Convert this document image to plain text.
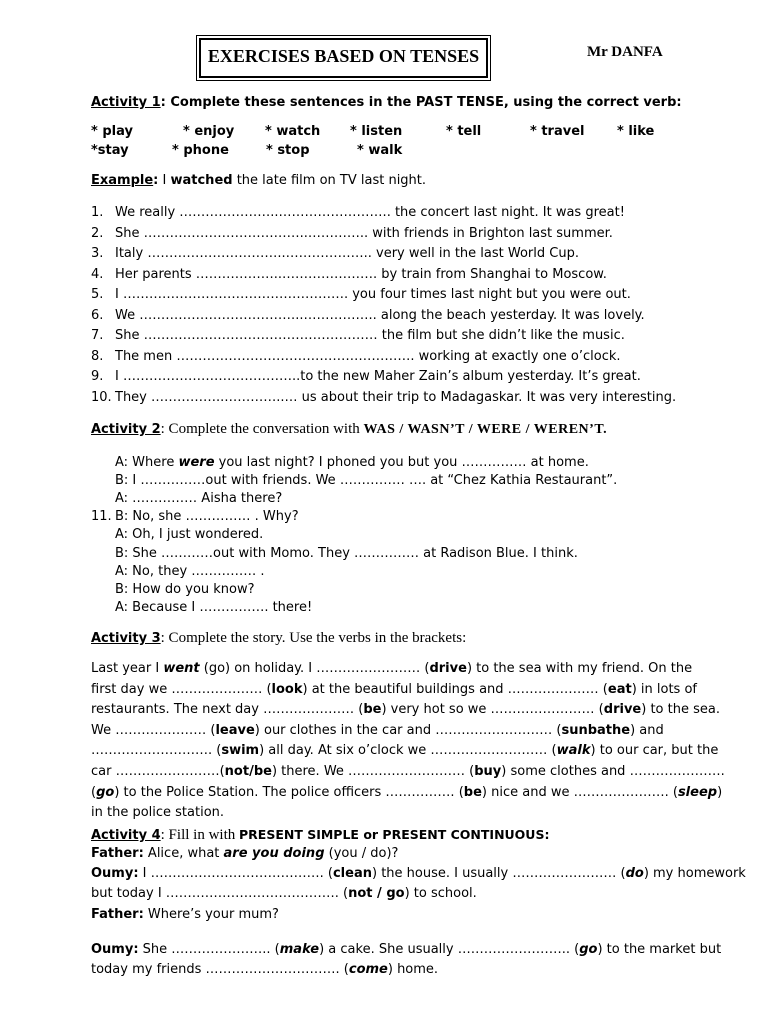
EXERCISES BASED ON TENSES	Mr DANFA
Activity 1: Complete these sentences in the PAST TENSE, using the correct verb:
* play	* enjoy * watch * listen	* tell	* travel	* like
*stay	* phone	* stop	* walk
Example: I watched the late film on TV last night.
1. We really …………………..…………………….. the concert last night. It was great!
2. She ………………………………..………….. with friends in Brighton last summer.
3. Italy …………………………..……………….. very well in the last World Cup.
4. Her parents ………………..…………………. by train from Shanghai to Moscow.
5. I ……………………………………………. you four times last night but you were out.
6. We ………………………………..…………….. along the beach yesterday. It was lovely.
7. She ……………………………………………… the film but she didn’t like the music.
8. The men ………………………………………………. working at exactly one o’clock.
9. I …………………………………..to the new Maher Zain’s album yesterday. It’s great.
10. They ……………..…………..… us about their trip to Madagaskar. It was very interesting.
Activity 2: Complete the conversation with WAS / WASN’T / WERE / WEREN’T.
A: Where were you last night? I phoned you but you …………… at home.
B: I ……………out with friends. We …………… …. at “Chez Kathia Restaurant”.
A: …………… Aisha there?
11. B: No, she …………… . Why?
A: Oh, I just wondered.
B: She …………out with Momo. They …………… at Radison Blue. I think.
A: No, they …………… .
B: How do you know?
A: Because I ……………. there!
Activity 3: Complete the story. Use the verbs in the brackets:
Last year I went (go) on holiday. I …………………… (drive) to the sea with my friend. On the
first day we ………………… (look) at the beautiful buildings and ………………… (eat) in lots of
restaurants. The next day ………………… (be) very hot so we …………………… (drive) to the sea.
We ………………… (leave) our clothes in the car and ……………………… (sunbathe) and
………………………. (swim) all day. At six o’clock we ……………………… (walk) to our car, but the
car ……………………(not/be) there. We ……………………… (buy) some clothes and ………………….
(go) to the Police Station. The police officers ……………. (be) nice and we …………………. (sleep)
in the police station.
Activity 4: Fill in with PRESENT SIMPLE or PRESENT CONTINUOUS:
Father: Alice, what are you doing (you / do)?
Oumy: I …………………………………. (clean) the house. I usually …………………… (do) my homework
but today I …………………………………. (not / go) to school.
Father: Where’s your mum?
Oumy: She ………………….. (make) a cake. She usually …………………….. (go) to the market but
today my friends …………………………. (come) home.
